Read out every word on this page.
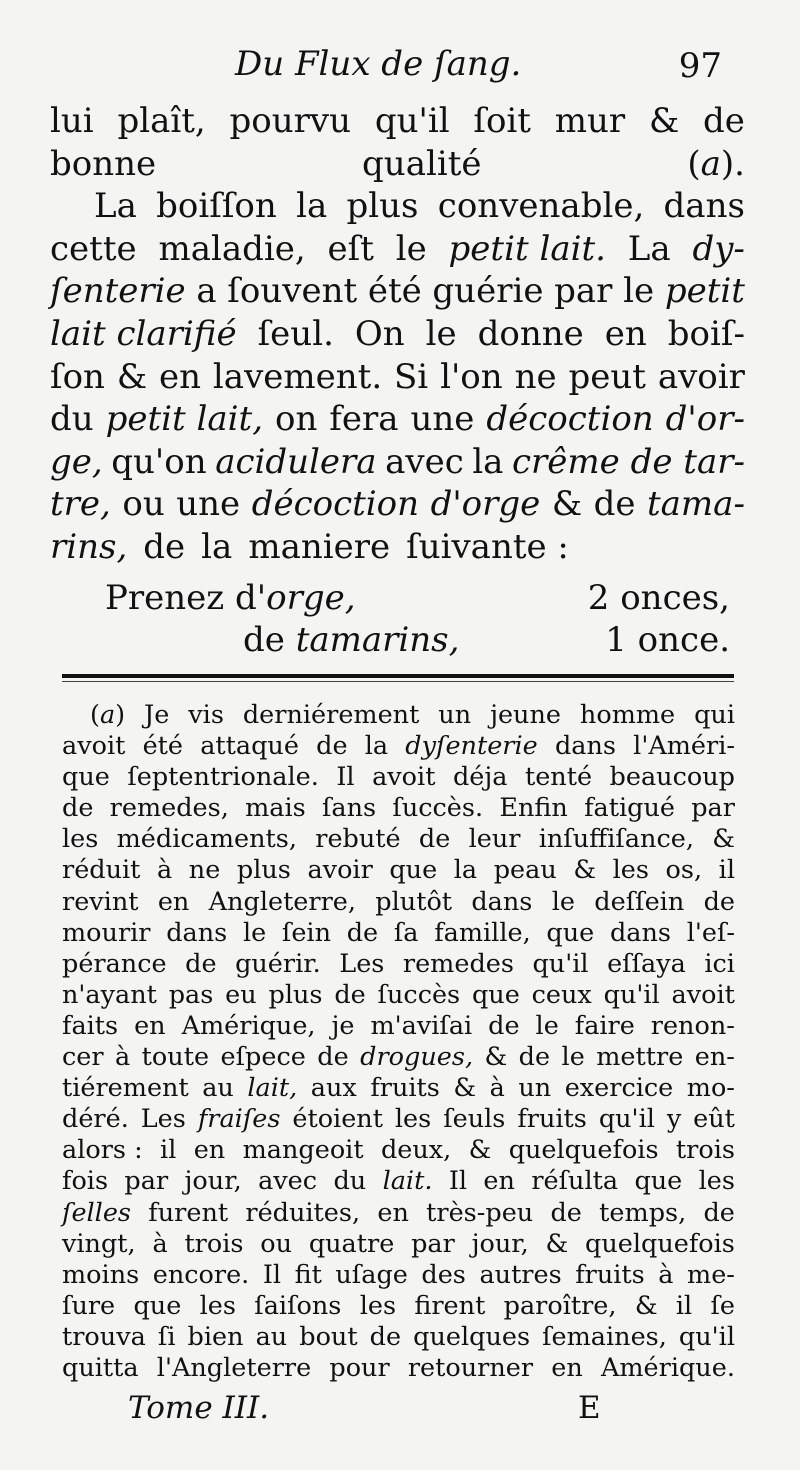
Du Flux de ſang.	97
lui plaît, pourvu qu'il ſoit mur & de
bonne	qualité	(a).
La boiſſon la plus convenable, dans
cette maladie, eſt le petit lait. La dy-
ſenterie a ſouvent été guérie par le petit
lait clarifié ſeul. On le donne en boiſ-
ſon & en lavement. Si l'on ne peut avoir
du petit lait, on fera une décoction d'or-
ge, qu'on acidulera avec la crême de tar-
tre, ou une décoction d'orge & de tama-
rins, de la maniere ſuivante :
Prenez d'orge,	2 onces,
de tamarins,	1 once.
(a) Je vis derniérement un jeune homme qui
avoit été attaqué de la dyſenterie dans l'Améri-
que ſeptentrionale. Il avoit déja tenté beaucoup
de remedes, mais ſans ſuccès. Enfin fatigué par
les médicaments, rebuté de leur inſuffiſance, &
réduit à ne plus avoir que la peau & les os, il
revint en Angleterre, plutôt dans le deſſein de
mourir dans le ſein de ſa famille, que dans l'eſ-
pérance de guérir. Les remedes qu'il eſſaya ici
n'ayant pas eu plus de ſuccès que ceux qu'il avoit
faits en Amérique, je m'aviſai de le faire renon-
cer à toute eſpece de drogues, & de le mettre en-
tiérement au lait, aux fruits & à un exercice mo-
déré. Les fraiſes étoient les ſeuls fruits qu'il y eût
alors : il en mangeoit deux, & quelquefois trois
fois par jour, avec du lait. Il en réſulta que les
ſelles furent réduites, en très-peu de temps, de
vingt, à trois ou quatre par jour, & quelquefois
moins encore. Il fit uſage des autres fruits à me-
ſure que les ſaiſons les firent paroître, & il ſe
trouva ſi bien au bout de quelques ſemaines, qu'il
quitta l'Angleterre pour retourner en Amérique.
Tome III.	E
